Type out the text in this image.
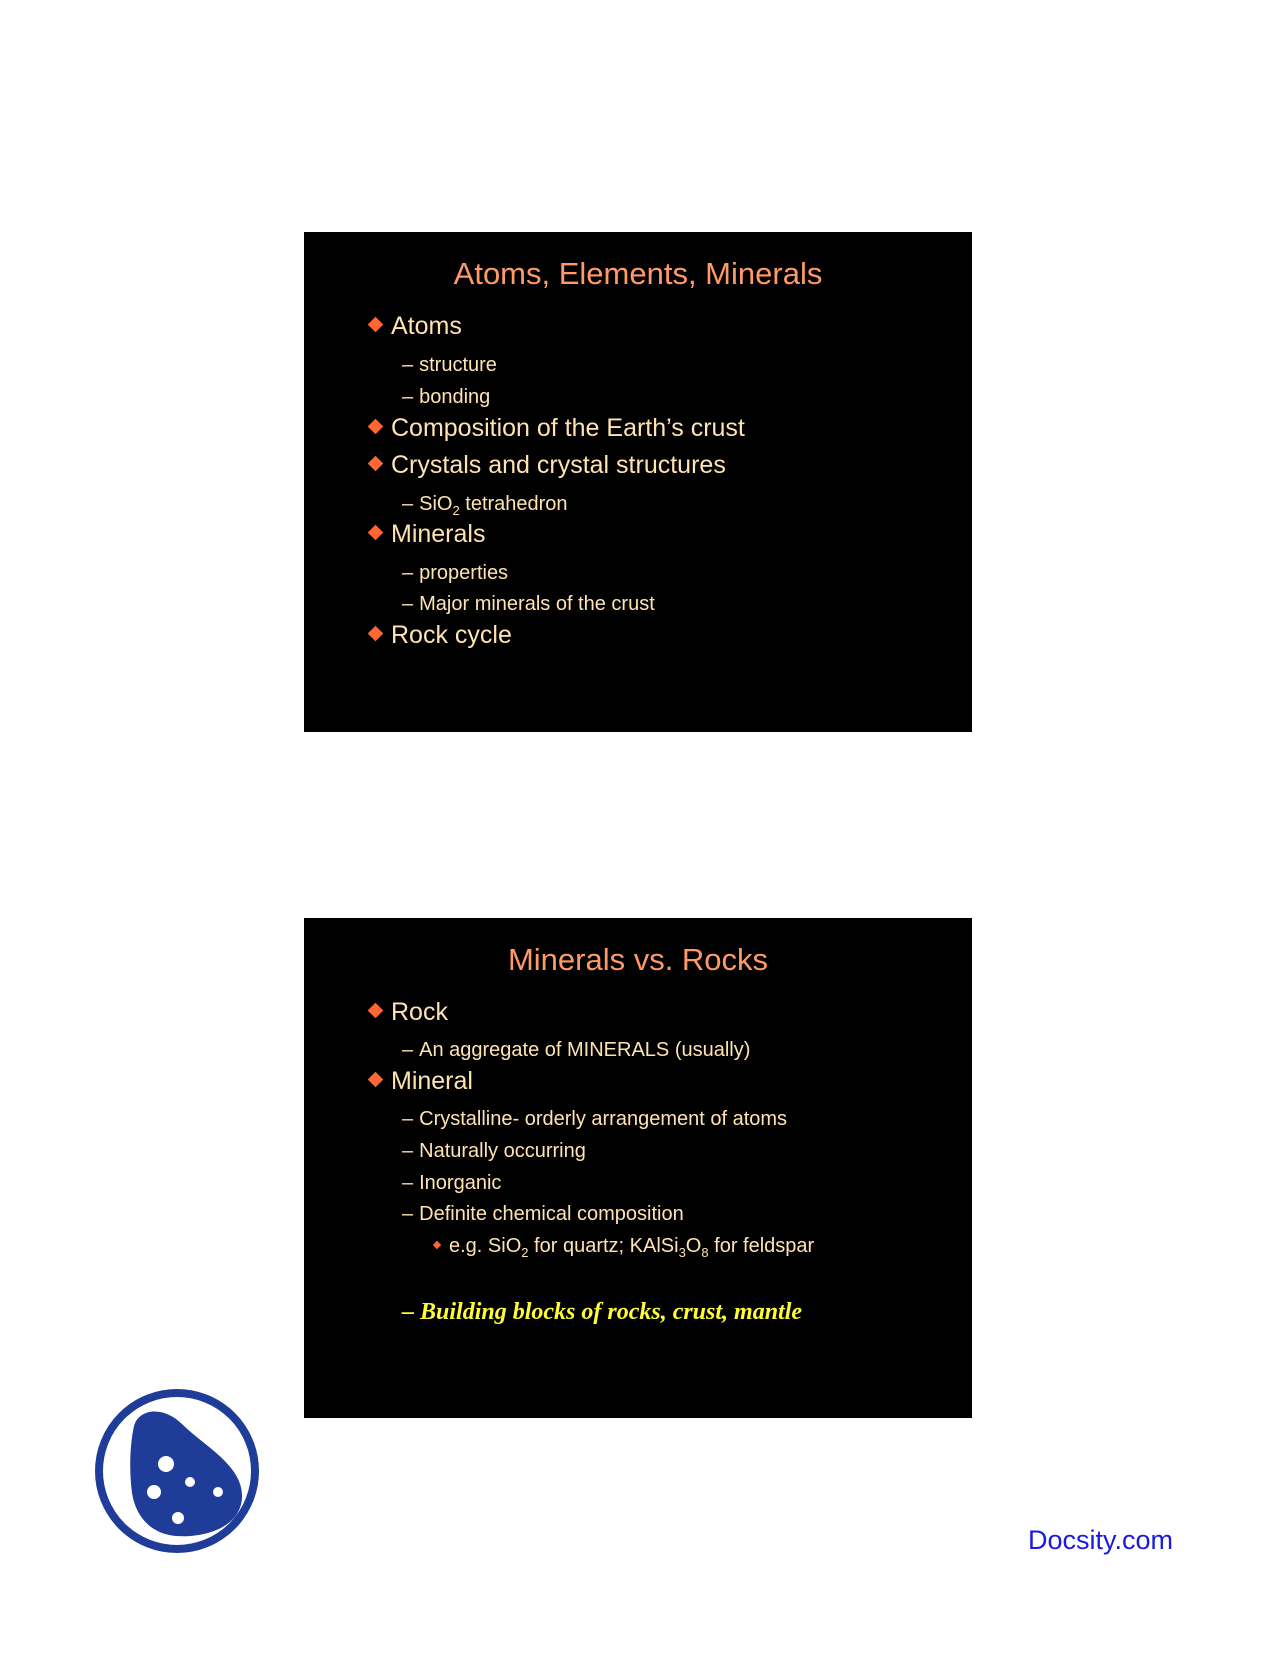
Atoms, Elements, Minerals
Atoms
– structure
– bonding
Composition of the Earth’s crust
Crystals and crystal structures
– SiO$_2$ tetrahedron
Minerals
– properties
– Major minerals of the crust
Rock cycle
Minerals vs. Rocks
Rock
– An aggregate of MINERALS (usually)
Mineral
– Crystalline- orderly arrangement of atoms
– Naturally occurring
– Inorganic
– Definite chemical composition
e.g. SiO$_2$ for quartz; $KAlSi_3O_8$ for feldspar
– Building blocks of rocks, crust, mantle
Docsity.com
